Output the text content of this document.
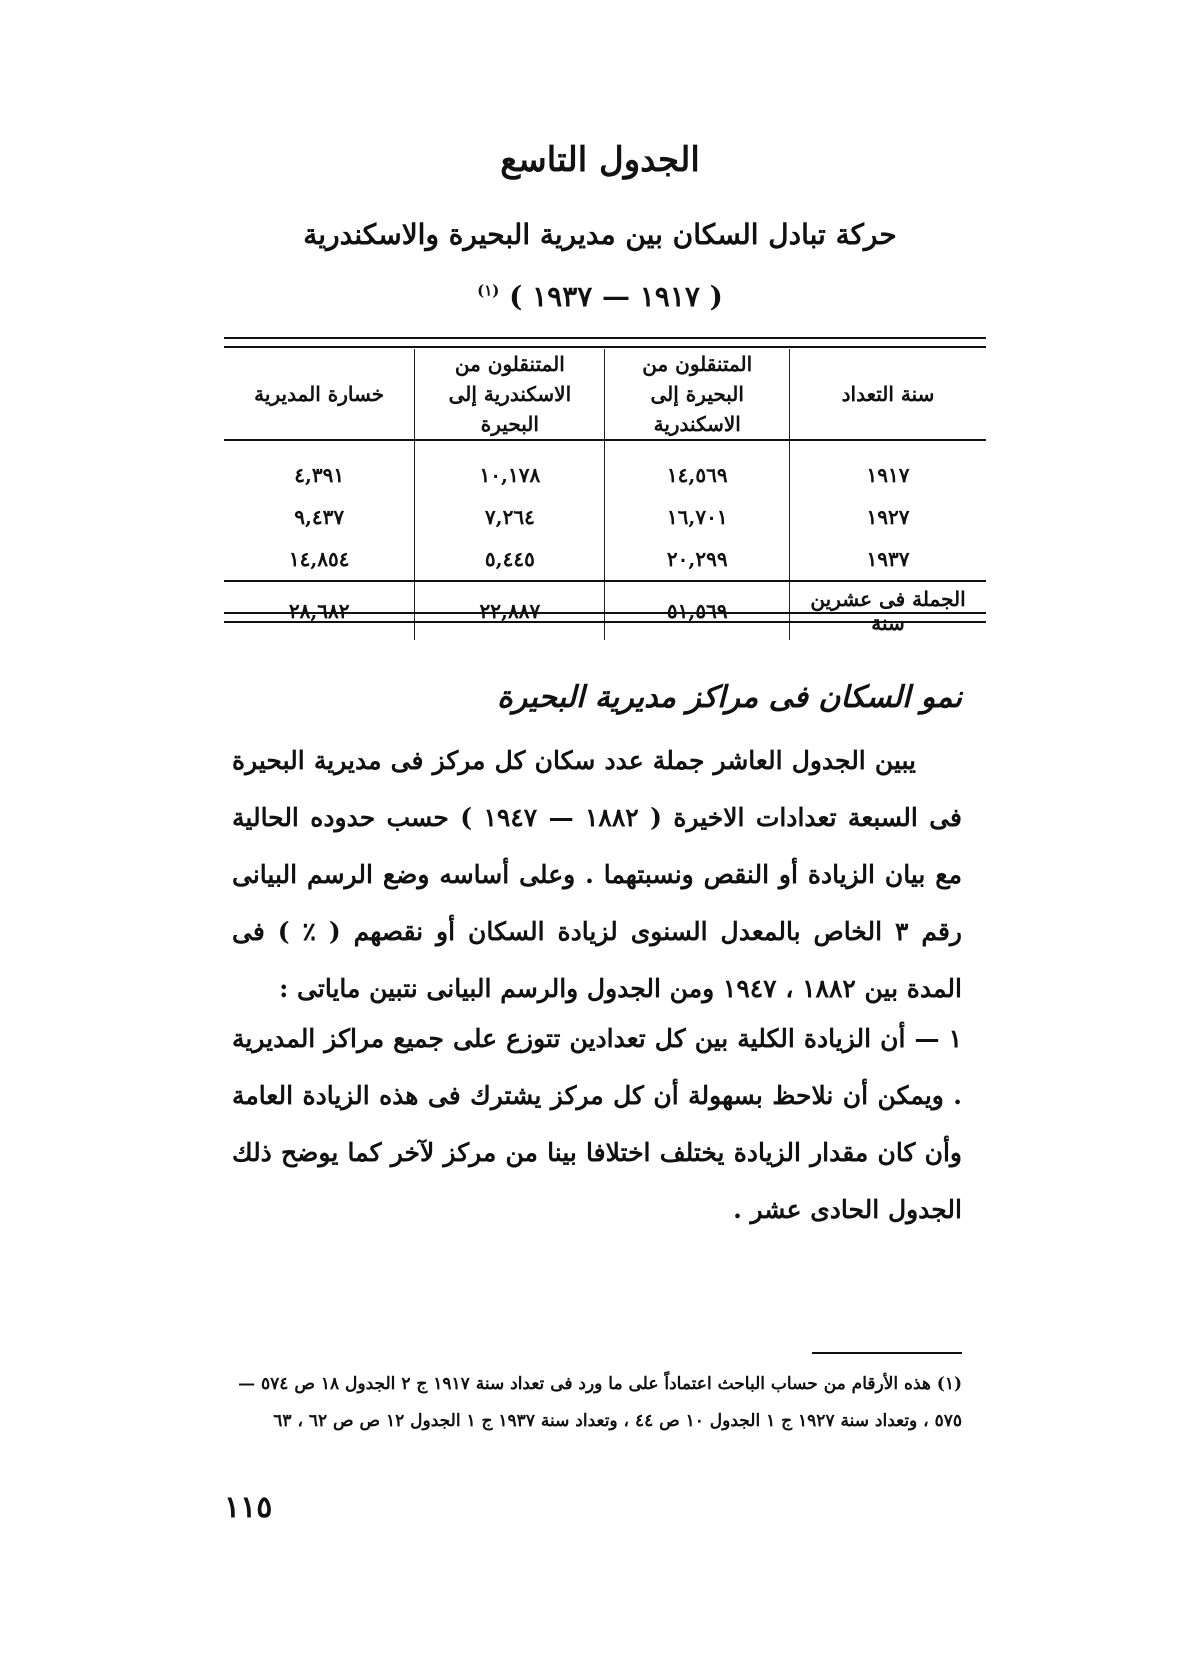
الجدول التاسع
حركة تبادل السكان بين مديرية البحيرة والاسكندرية
( ١٩١٧ — ١٩٣٧ ) $^{(١)}$
سنة التعداد	المتنقلون من البحيرة إلى الاسكندرية	المتنقلون من الاسكندرية إلى البحيرة	خسارة المديرية
١٩١٧	١٤,٥٦٩	١٠,١٧٨	٤,٣٩١
١٩٢٧	١٦,٧٠١	٧,٢٦٤	٩,٤٣٧
١٩٣٧	٢٠,٢٩٩	٥,٤٤٥	١٤,٨٥٤
الجملة فى عشرين سنة	٥١,٥٦٩	٢٢,٨٨٧	٢٨,٦٨٢
نمو السكان فى مراكز مديرية البحيرة
يبين الجدول العاشر جملة عدد سكان كل مركز فى مديرية البحيرة فى السبعة تعدادات الاخيرة ( ١٨٨٢ — ١٩٤٧ ) حسب حدوده الحالية مع بيان الزيادة أو النقص ونسبتهما . وعلى أساسه وضع الرسم البيانى رقم ٣ الخاص بالمعدل السنوى لزيادة السكان أو نقصهم ( ٪ ) فى المدة بين ١٨٨٢ ، ١٩٤٧ ومن الجدول والرسم البيانى نتبين ماياتى :
١ — أن الزيادة الكلية بين كل تعدادين تتوزع على جميع مراكز المديرية . ويمكن أن نلاحظ بسهولة أن كل مركز يشترك فى هذه الزيادة العامة وأن كان مقدار الزيادة يختلف اختلافا بينا من مركز لآخر كما يوضح ذلك الجدول الحادى عشر .
(١) هذه الأرقام من حساب الباحث اعتماداً على ما ورد فى تعداد سنة ١٩١٧ ج ٢ الجدول ١٨ ص ٥٧٤ — ٥٧٥ ، وتعداد سنة ١٩٢٧ ج ١ الجدول ١٠ ص ٤٤ ، وتعداد سنة ١٩٣٧ ج ١ الجدول ١٢ ص ص ٦٢ ، ٦٣
١١٥
